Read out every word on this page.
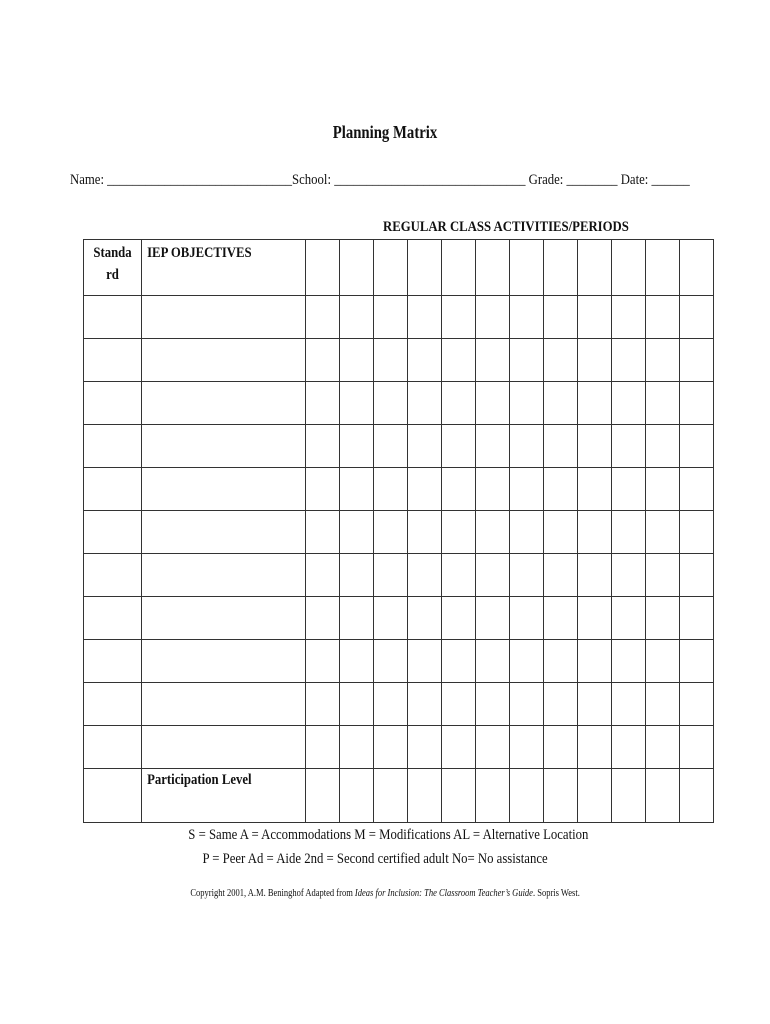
Planning Matrix
Name: _____________________________School: ______________________________ Grade: ________ Date: ______
REGULAR CLASS ACTIVITIES/PERIODS
Standard	IEP OBJECTIVES												

	Participation Level												

S = Same A = Accommodations M = Modifications AL = Alternative Location
P = Peer Ad = Aide 2nd = Second certified adult No= No assistance
Copyright 2001, A.M. Beninghof Adapted from Ideas for Inclusion: The Classroom Teacher’s Guide. Sopris West.
